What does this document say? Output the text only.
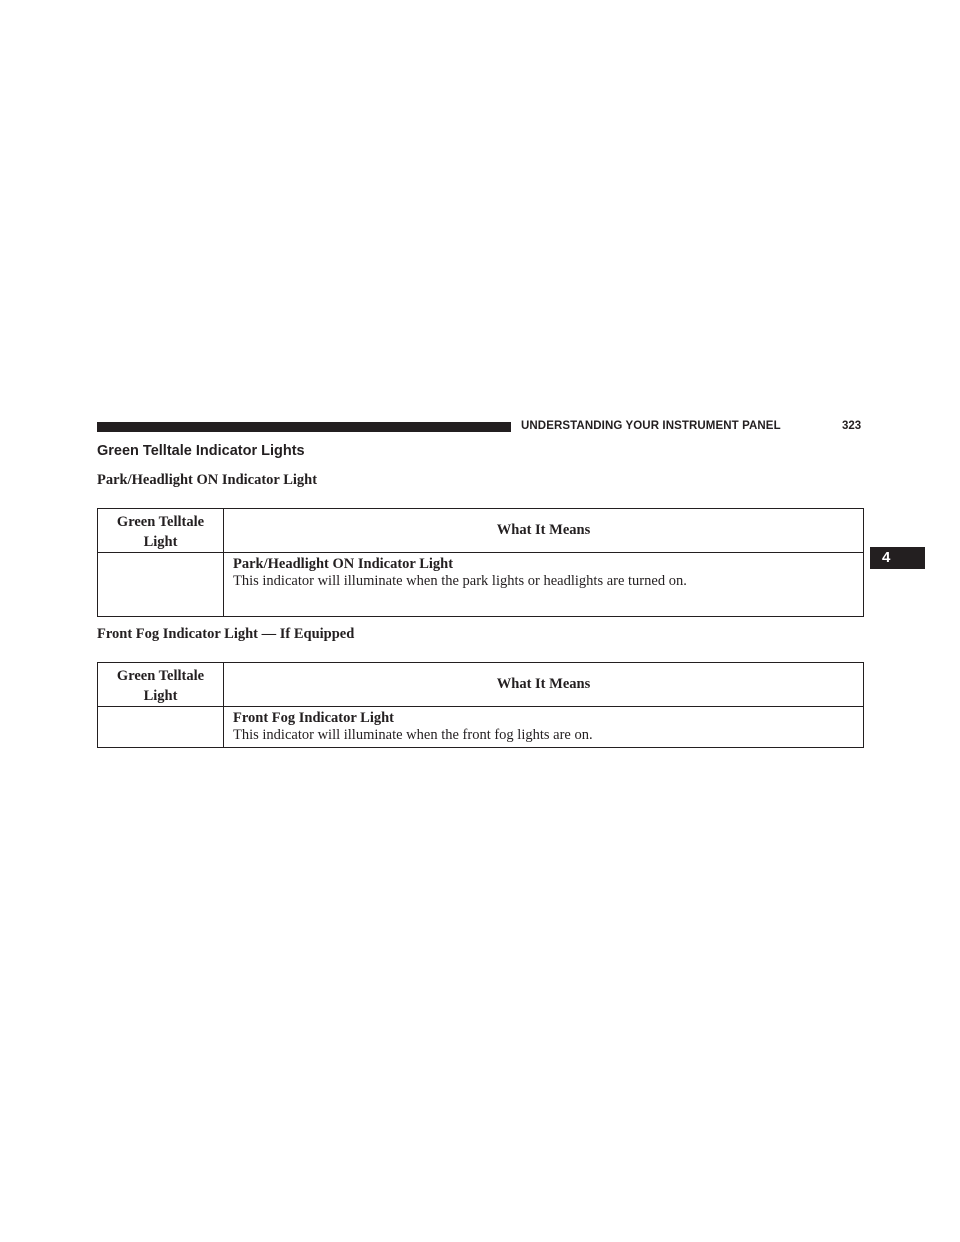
UNDERSTANDING YOUR INSTRUMENT PANEL	323
4
Green Telltale Indicator Lights
Park/Headlight ON Indicator Light
Green Telltale
Light	What It Means

	Park/Headlight ON Indicator Light
This indicator will illuminate when the park lights or headlights are turned on.
Front Fog Indicator Light — If Equipped
Green Telltale
Light	What It Means

	Front Fog Indicator Light
This indicator will illuminate when the front fog lights are on.
